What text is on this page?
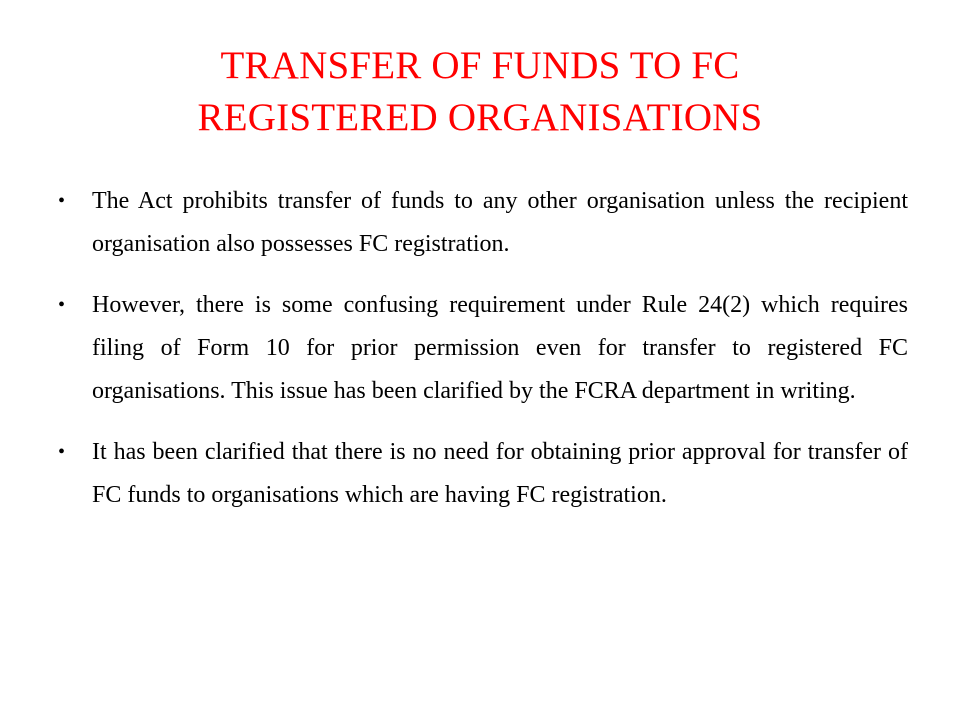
TRANSFER OF FUNDS TO FC
REGISTERED ORGANISATIONS
• The Act prohibits transfer of funds to any other organisation unless the recipient organisation also possesses FC registration.
• However, there is some confusing requirement under Rule 24(2) which requires filing of Form 10 for prior permission even for transfer to registered FC organisations. This issue has been clarified by the FCRA department in writing.
• It has been clarified that there is no need for obtaining prior approval for transfer of FC funds to organisations which are having FC registration.
